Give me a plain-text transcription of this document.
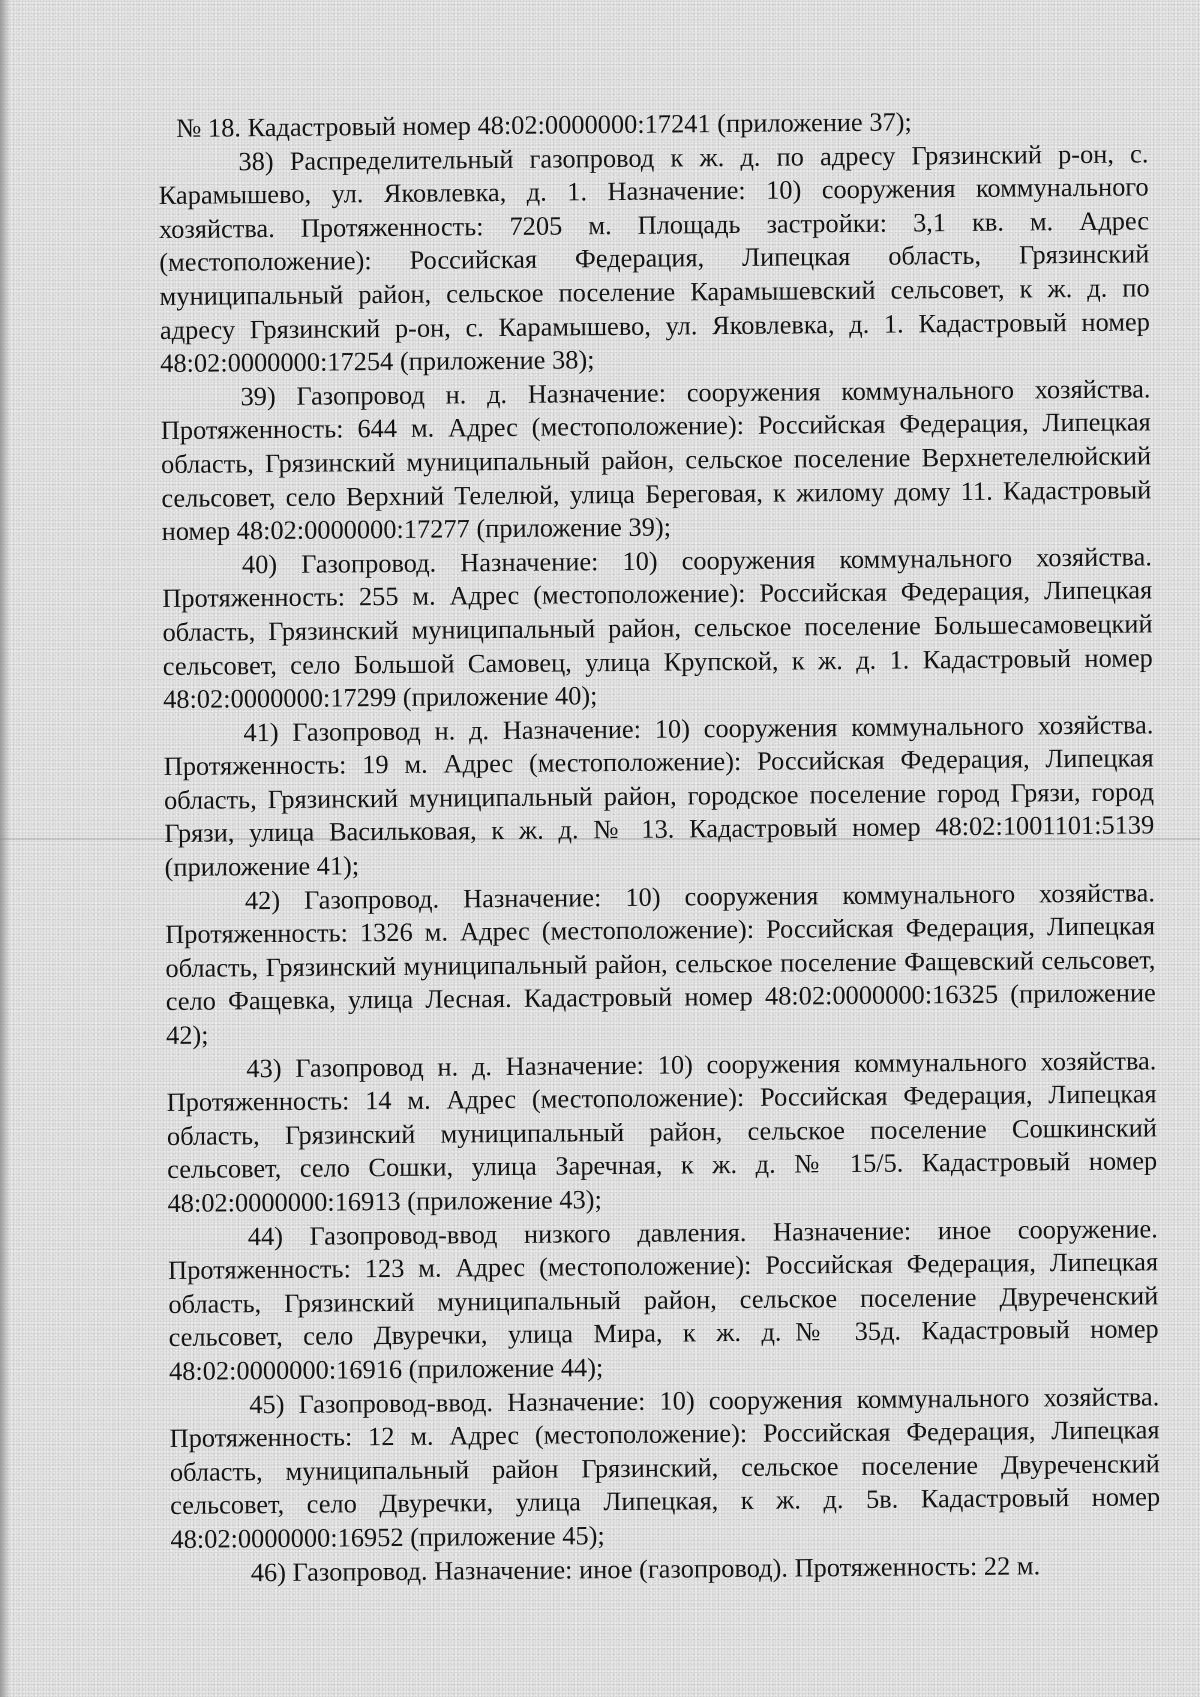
№ 18. Кадастровый номер 48:02:0000000:17241 (приложение 37);

38) Распределительный газопровод к ж. д. по адресу Грязинский р-он, с. Карамышево, ул. Яковлевка, д. 1. Назначение: 10) сооружения коммунального хозяйства. Протяженность: 7205 м. Площадь застройки: 3,1 кв. м. Адрес (местоположение): Российская Федерация, Липецкая область, Грязинский муниципальный район, сельское поселение Карамышевский сельсовет, к ж. д. по адресу Грязинский р-он, с. Карамышево, ул. Яковлевка, д. 1. Кадастровый номер 48:02:0000000:17254 (приложение 38);

39) Газопровод н. д. Назначение: сооружения коммунального хозяйства. Протяженность: 644 м. Адрес (местоположение): Российская Федерация, Липецкая область, Грязинский муниципальный район, сельское поселение Верхнетелелюйский сельсовет, село Верхний Телелюй, улица Береговая, к жилому дому 11. Кадастровый номер 48:02:0000000:17277 (приложение 39);

40) Газопровод. Назначение: 10) сооружения коммунального хозяйства. Протяженность: 255 м. Адрес (местоположение): Российская Федерация, Липецкая область, Грязинский муниципальный район, сельское поселение Большесамовецкий сельсовет, село Большой Самовец, улица Крупской, к ж. д. 1. Кадастровый номер 48:02:0000000:17299 (приложение 40);

41) Газопровод н. д. Назначение: 10) сооружения коммунального хозяйства. Протяженность: 19 м. Адрес (местоположение): Российская Федерация, Липецкая область, Грязинский муниципальный район, городское поселение город Грязи, город Грязи, улица Васильковая, к ж. д. № 13. Кадастровый номер 48:02:1001101:5139 (приложение 41);

42) Газопровод. Назначение: 10) сооружения коммунального хозяйства. Протяженность: 1326 м. Адрес (местоположение): Российская Федерация, Липецкая область, Грязинский муниципальный район, сельское поселение Фащевский сельсовет, село Фащевка, улица Лесная. Кадастровый номер 48:02:0000000:16325 (приложение 42);

43) Газопровод н. д. Назначение: 10) сооружения коммунального хозяйства. Протяженность: 14 м. Адрес (местоположение): Российская Федерация, Липецкая область, Грязинский муниципальный район, сельское поселение Сошкинский сельсовет, село Сошки, улица Заречная, к ж. д. № 15/5. Кадастровый номер 48:02:0000000:16913 (приложение 43);

44) Газопровод-ввод низкого давления. Назначение: иное сооружение. Протяженность: 123 м. Адрес (местоположение): Российская Федерация, Липецкая область, Грязинский муниципальный район, сельское поселение Двуреченский сельсовет, село Двуречки, улица Мира, к ж. д.№ 35д. Кадастровый номер 48:02:0000000:16916 (приложение 44);

45) Газопровод-ввод. Назначение: 10) сооружения коммунального хозяйства. Протяженность: 12 м. Адрес (местоположение): Российская Федерация, Липецкая область, муниципальный район Грязинский, сельское поселение Двуреченский сельсовет, село Двуречки, улица Липецкая, к ж. д. 5в. Кадастровый номер 48:02:0000000:16952 (приложение 45);

46) Газопровод. Назначение: иное (газопровод). Протяженность: 22 м.
